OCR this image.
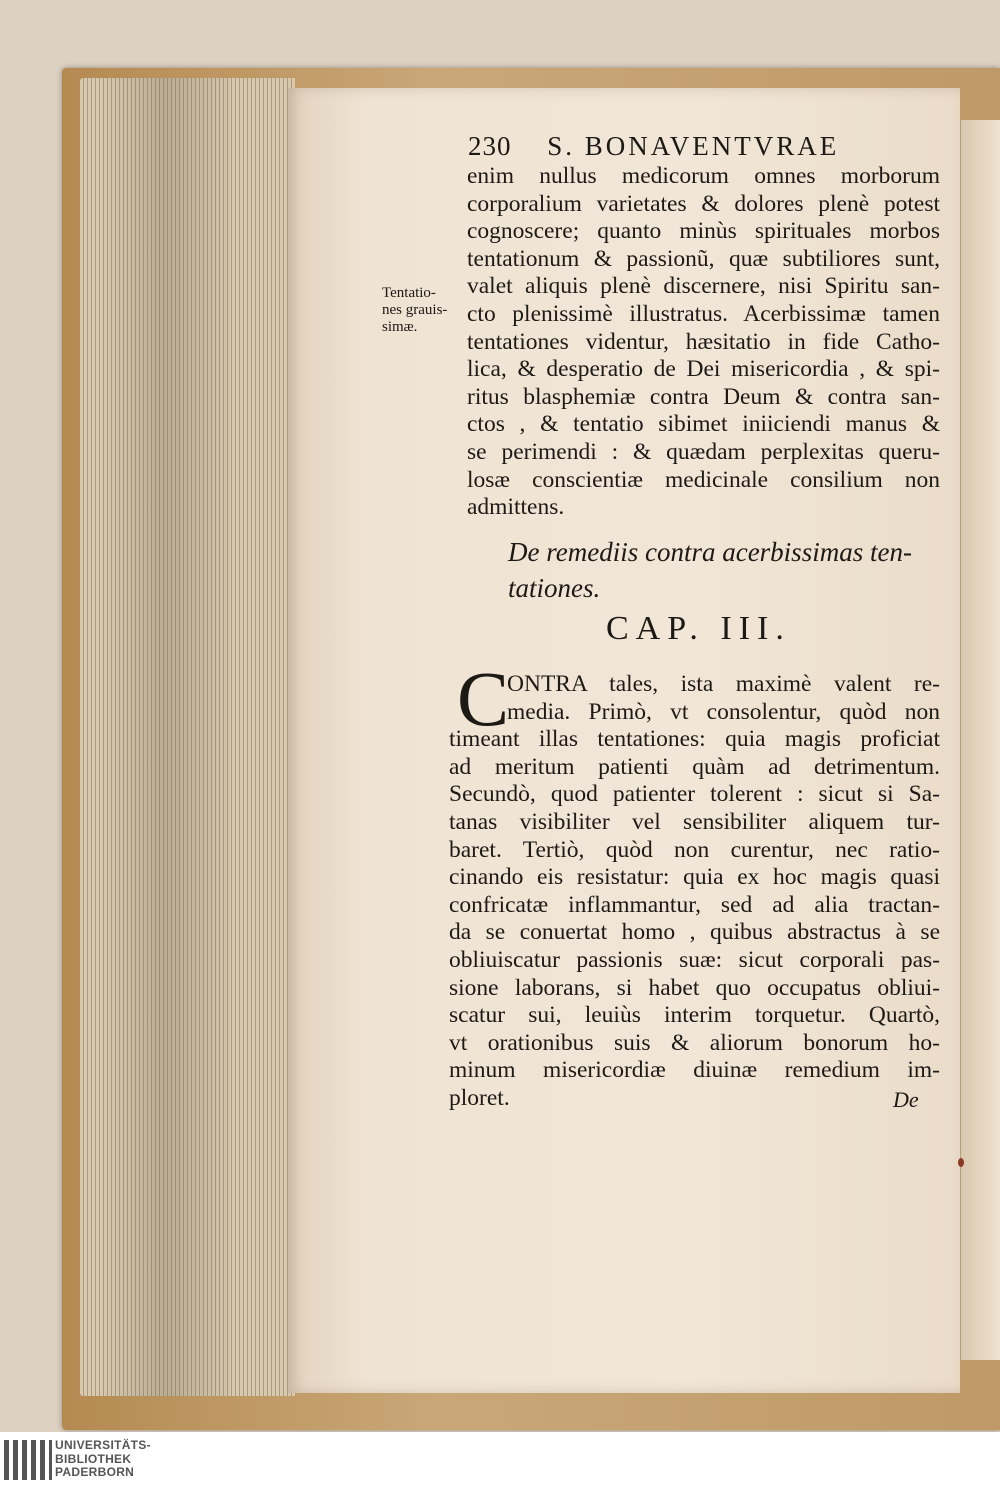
230 S. BONAVENTVRAE
Tentatio-
nes grauis-
simæ.
enim nullus medicorum omnes morborum
corporalium varietates & dolores plenè potest
cognoscere; quanto minùs spirituales morbos
tentationum & passionũ, quæ subtiliores sunt,
valet aliquis plenè discernere, nisi Spiritu san-
cto plenissimè illustratus. Acerbissimæ tamen
tentationes videntur, hæsitatio in fide Catho-
lica, & desperatio de Dei misericordia , & spi-
ritus blasphemiæ contra Deum & contra san-
ctos , & tentatio sibimet iniiciendi manus &
se perimendi : & quædam perplexitas queru-
losæ conscientiæ medicinale consilium non
admittens.
De remediis contra acerbissimas ten-
tationes.
CAP. III.
C
ONTRA tales, ista maximè valent re-
media. Primò, vt consolentur, quòd non
timeant illas tentationes: quia magis proficiat
ad meritum patienti quàm ad detrimentum.
Secundò, quod patienter tolerent : sicut si Sa-
tanas visibiliter vel sensibiliter aliquem tur-
baret. Tertiò, quòd non curentur, nec ratio-
cinando eis resistatur: quia ex hoc magis quasi
confricatæ inflammantur, sed ad alia tractan-
da se conuertat homo , quibus abstractus à se
obliuiscatur passionis suæ: sicut corporali pas-
sione laborans, si habet quo occupatus obliui-
scatur sui, leuiùs interim torquetur. Quartò,
vt orationibus suis & aliorum bonorum ho-
minum misericordiæ diuinæ remedium im-
ploret.	De
UNIVERSITÄTS-
BIBLIOTHEK
PADERBORN
